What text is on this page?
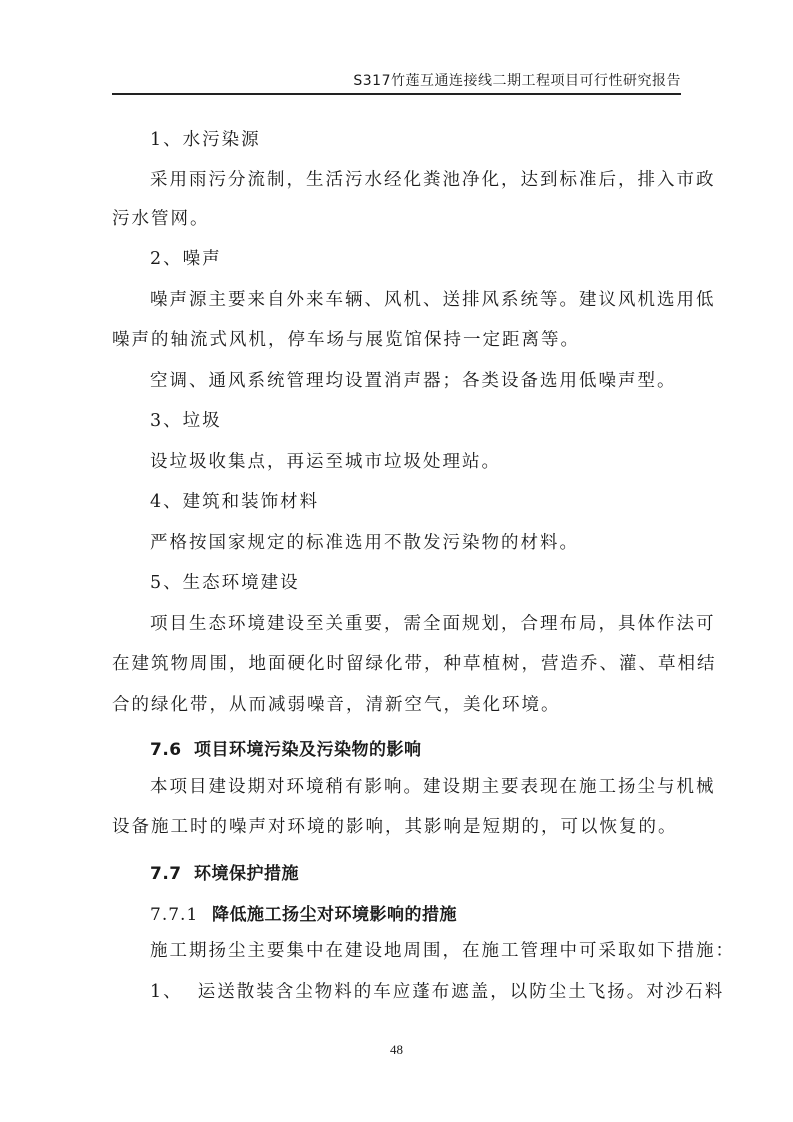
S317竹莲互通连接线二期工程项目可行性研究报告
1、水污染源
采用雨污分流制，生活污水经化粪池净化，达到标准后，排入市政
污水管网。
2、噪声
噪声源主要来自外来车辆、风机、送排风系统等。建议风机选用低
噪声的轴流式风机，停车场与展览馆保持一定距离等。
空调、通风系统管理均设置消声器；各类设备选用低噪声型。
3、垃圾
设垃圾收集点，再运至城市垃圾处理站。
4、建筑和装饰材料
严格按国家规定的标准选用不散发污染物的材料。
5、生态环境建设
项目生态环境建设至关重要，需全面规划，合理布局，具体作法可
在建筑物周围，地面硬化时留绿化带，种草植树，营造乔、灌、草相结
合的绿化带，从而减弱噪音，清新空气，美化环境。
7.6 项目环境污染及污染物的影响
本项目建设期对环境稍有影响。建设期主要表现在施工扬尘与机械
设备施工时的噪声对环境的影响，其影响是短期的，可以恢复的。
7.7 环境保护措施
7.7.1 降低施工扬尘对环境影响的措施
施工期扬尘主要集中在建设地周围，在施工管理中可采取如下措施：
1、  运送散装含尘物料的车应蓬布遮盖，以防尘土飞扬。对沙石料
48
